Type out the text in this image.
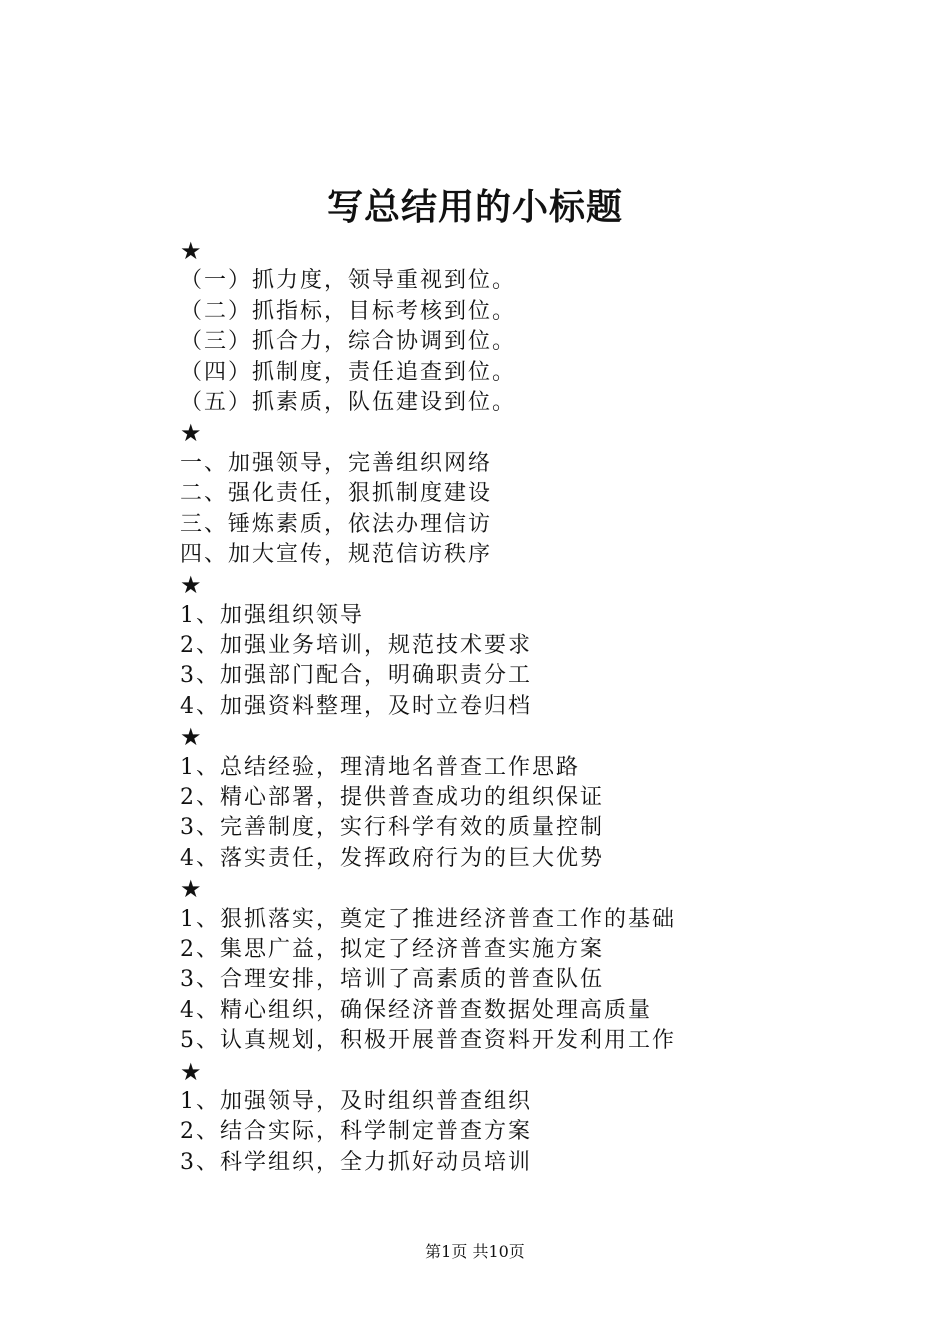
写总结用的小标题
★
（一）抓力度，领导重视到位。
（二）抓指标，目标考核到位。
（三）抓合力，综合协调到位。
（四）抓制度，责任追查到位。
（五）抓素质，队伍建设到位。
★
一、加强领导，完善组织网络
二、强化责任，狠抓制度建设
三、锤炼素质，依法办理信访
四、加大宣传，规范信访秩序
★
1、加强组织领导
2、加强业务培训，规范技术要求
3、加强部门配合，明确职责分工
4、加强资料整理，及时立卷归档
★
1、总结经验，理清地名普查工作思路
2、精心部署，提供普查成功的组织保证
3、完善制度，实行科学有效的质量控制
4、落实责任，发挥政府行为的巨大优势
★
1、狠抓落实，奠定了推进经济普查工作的基础
2、集思广益，拟定了经济普查实施方案
3、合理安排，培训了高素质的普查队伍
4、精心组织，确保经济普查数据处理高质量
5、认真规划，积极开展普查资料开发利用工作
★
1、加强领导，及时组织普查组织
2、结合实际，科学制定普查方案
3、科学组织，全力抓好动员培训
第1页 共10页
